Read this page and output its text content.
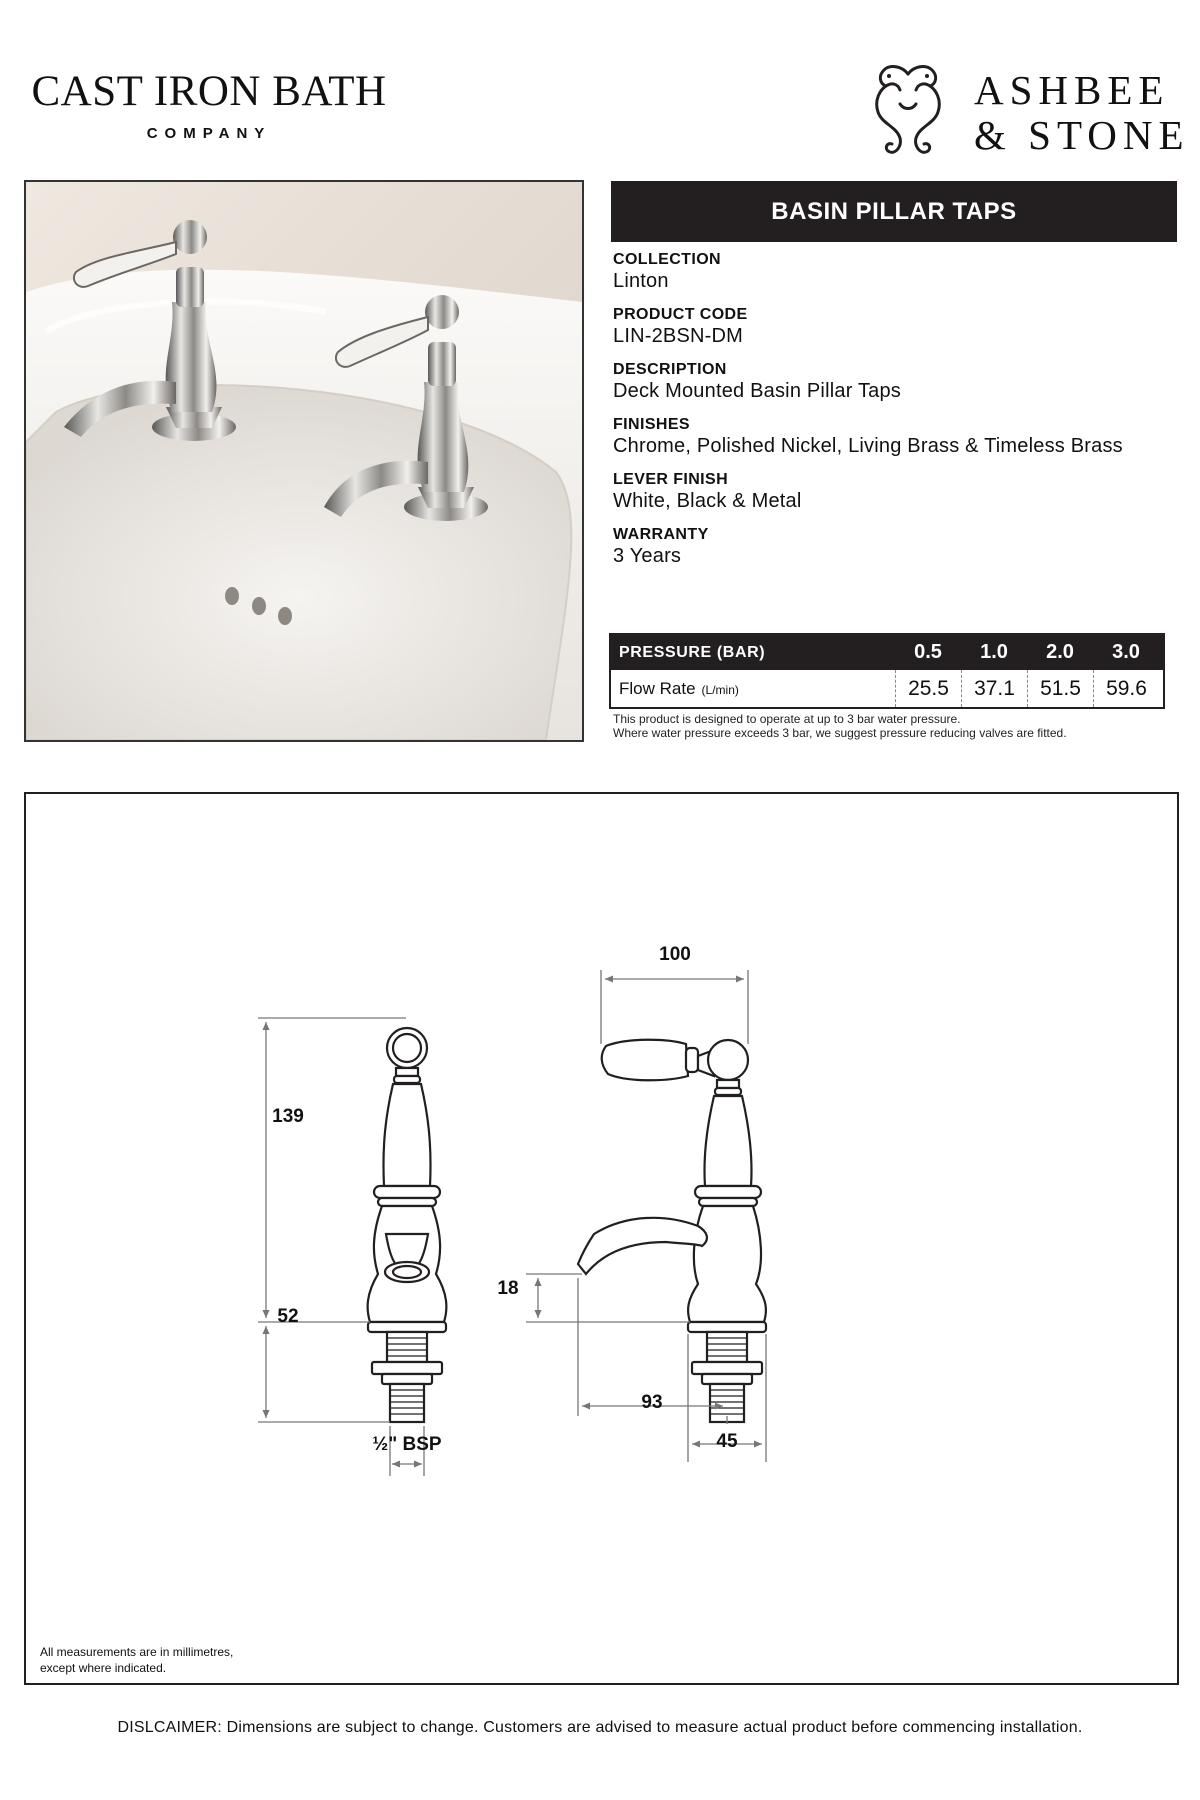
CAST IRON BATH
COMPANY
ASHBEE
& STONE
BASIN PILLAR TAPS
COLLECTION
Linton
PRODUCT CODE
LIN-2BSN-DM
DESCRIPTION
Deck Mounted Basin Pillar Taps
FINISHES
Chrome, Polished Nickel, Living Brass & Timeless Brass
LEVER FINISH
White, Black & Metal
WARRANTY
3 Years
PRESSURE (BAR)	0.5	1.0	2.0	3.0
Flow Rate (L/min)	25.5	37.1	51.5	59.6
This product is designed to operate at up to 3 bar water pressure.
Where water pressure exceeds 3 bar, we suggest pressure reducing valves are fitted.
139
52
½" BSP
100
18
93
45
All measurements are in millimetres,
except where indicated.
DISLCAIMER: Dimensions are subject to change. Customers are advised to measure actual product before commencing installation.
